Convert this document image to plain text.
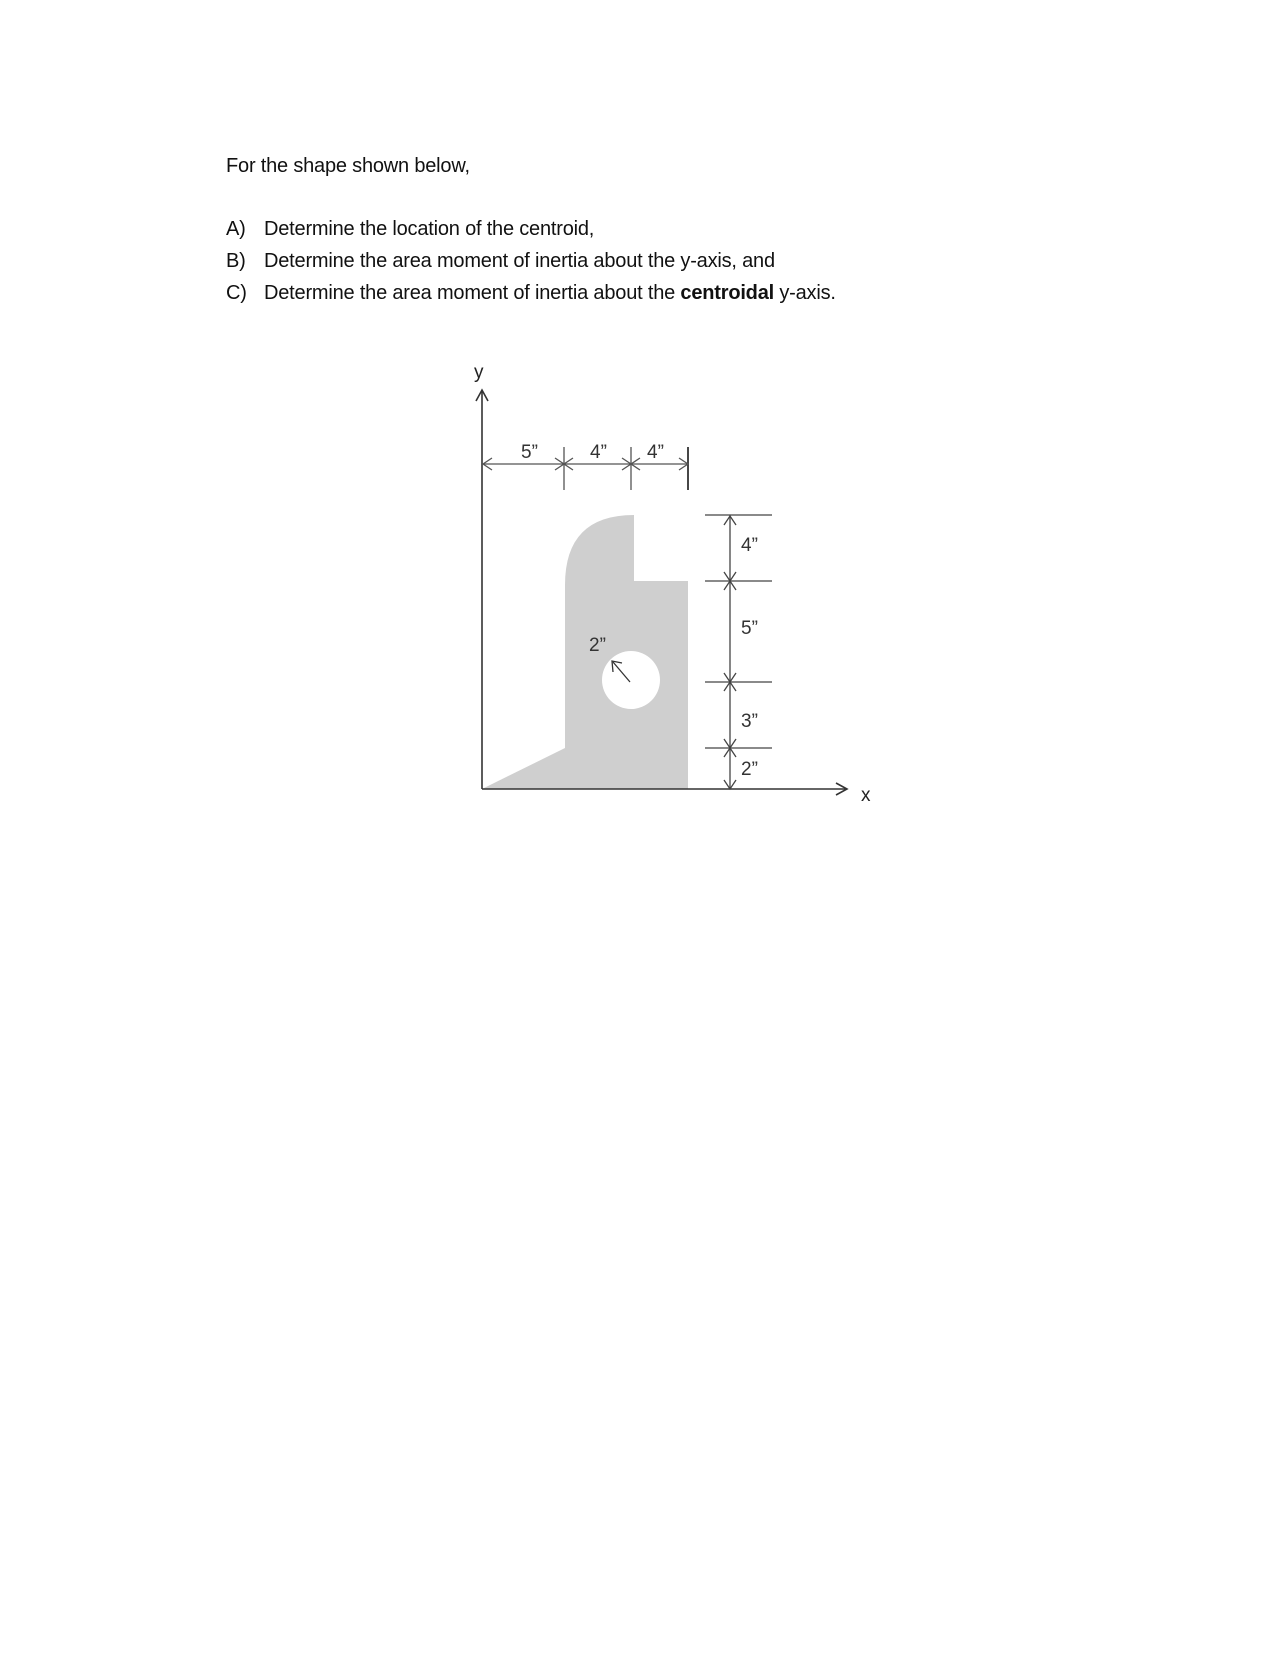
For the shape shown below,
A) Determine the location of the centroid,
B) Determine the area moment of inertia about the y-axis, and
C) Determine the area moment of inertia about the centroidal y-axis.
y
x
5”	4” 4”
4”
5”
3”
2”
2”
